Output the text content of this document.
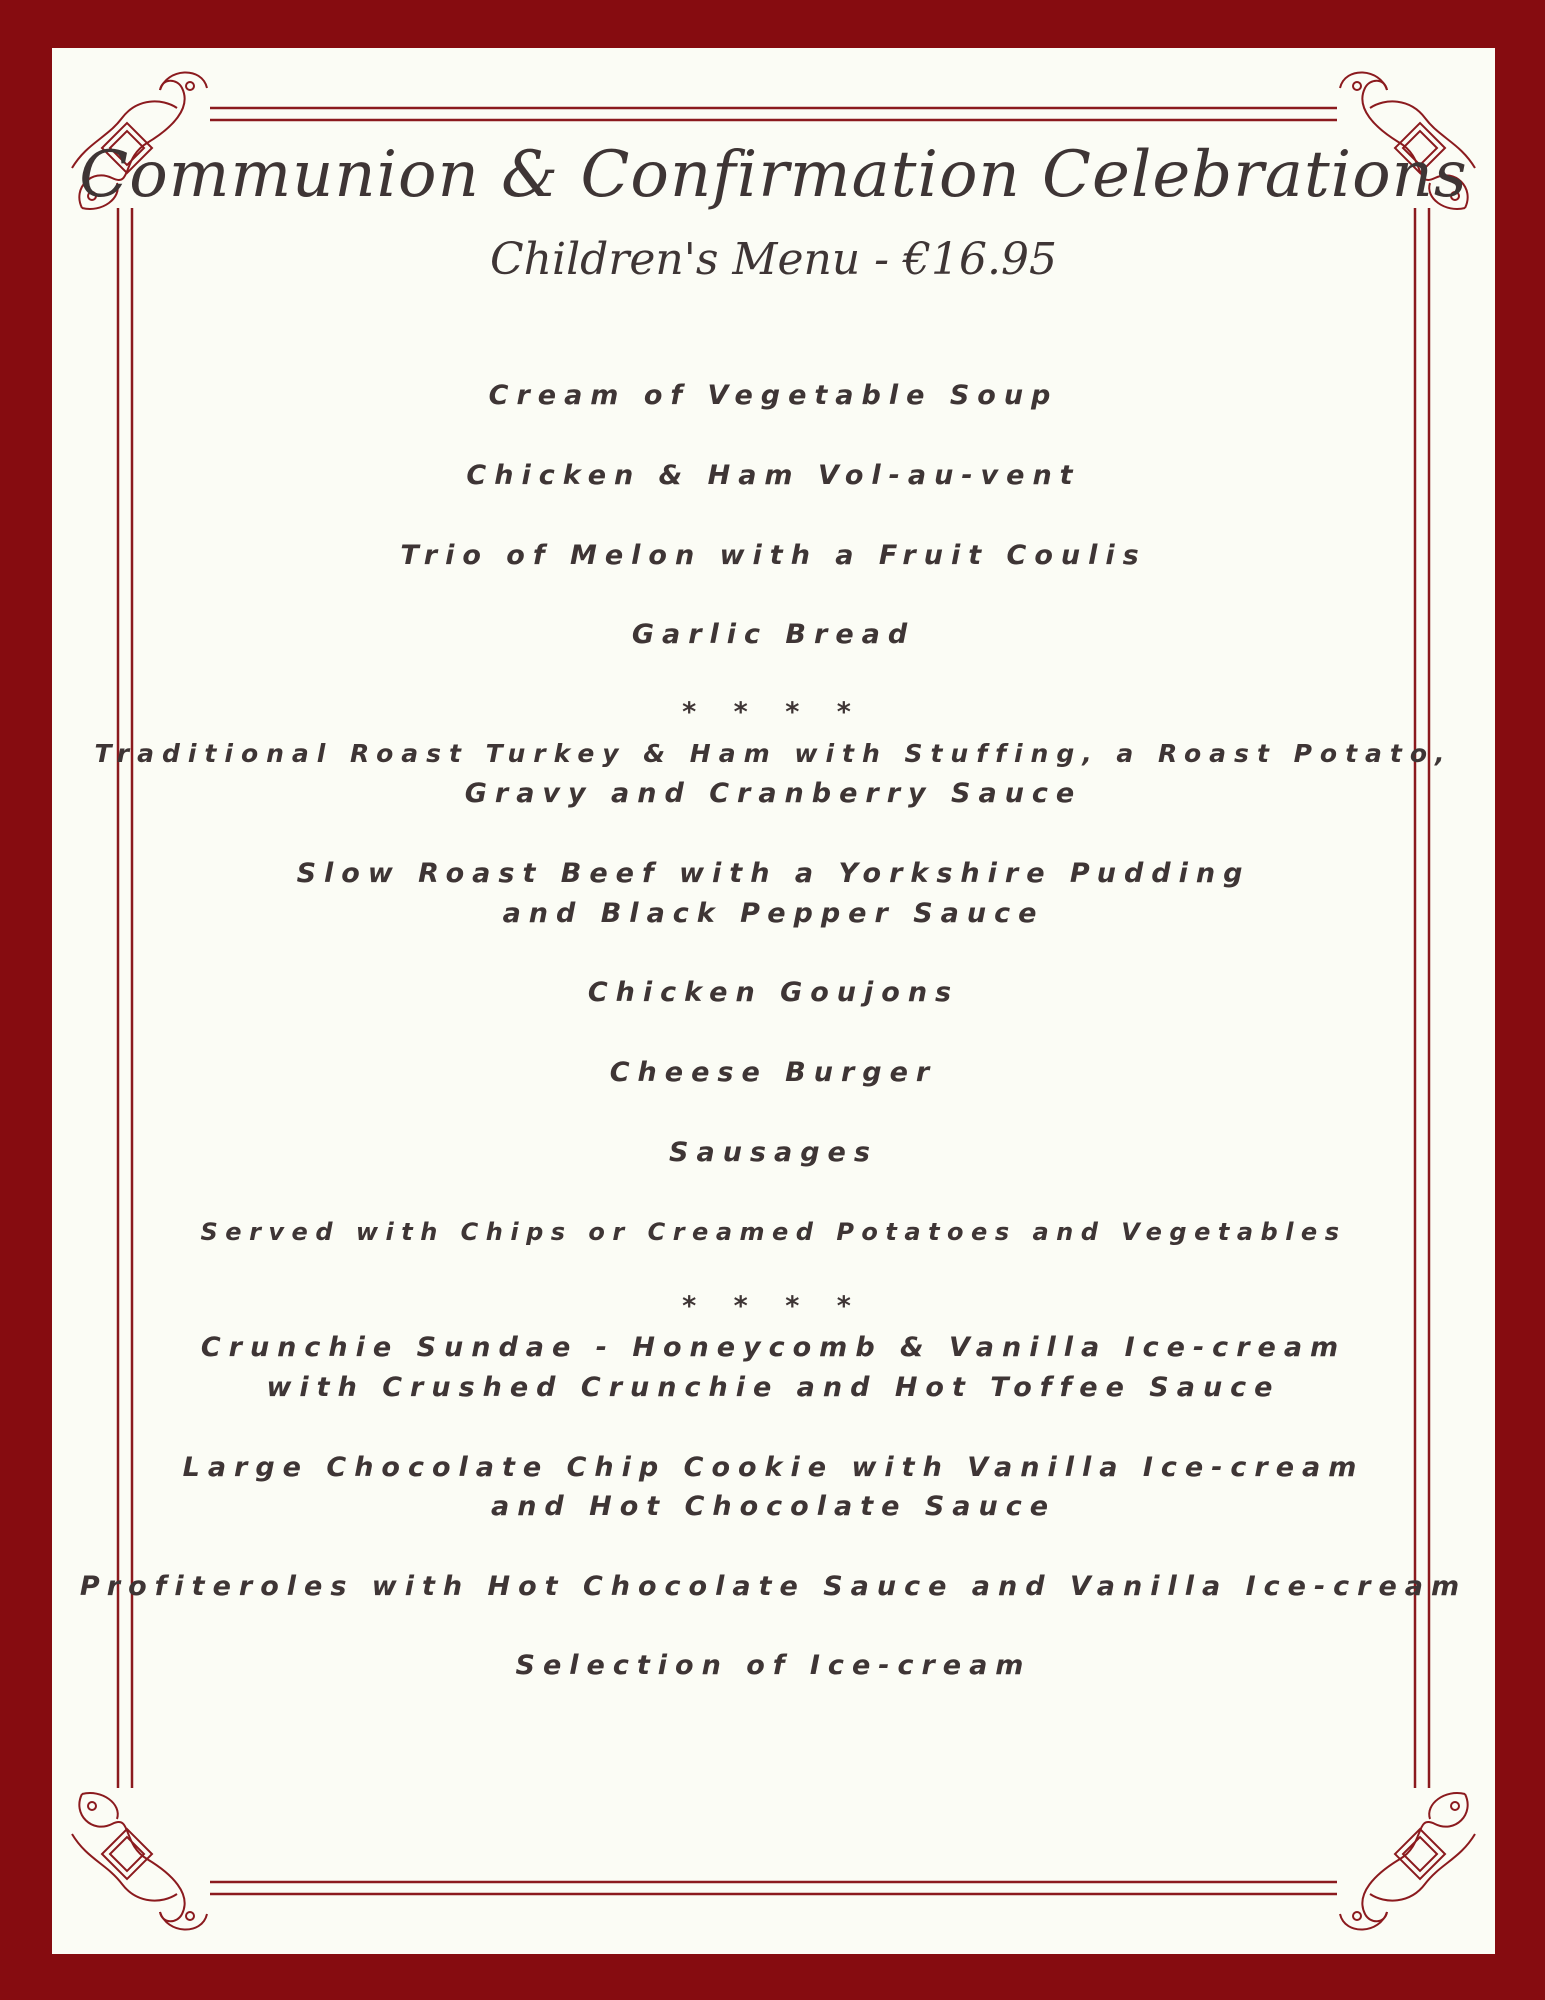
Communion & Confirmation Celebrations
Children's Menu - €16.95
Cream of Vegetable Soup
Chicken & Ham Vol-au-vent
Trio of Melon with a Fruit Coulis
Garlic Bread
* * * *
Traditional Roast Turkey & Ham with Stuffing, a Roast Potato,
Gravy and Cranberry Sauce
Slow Roast Beef with a Yorkshire Pudding
and Black Pepper Sauce
Chicken Goujons
Cheese Burger
Sausages
Served with Chips or Creamed Potatoes and Vegetables
* * * *
Crunchie Sundae - Honeycomb & Vanilla Ice-cream
with Crushed Crunchie and Hot Toffee Sauce
Large Chocolate Chip Cookie with Vanilla Ice-cream
and Hot Chocolate Sauce
Profiteroles with Hot Chocolate Sauce and Vanilla Ice-cream
Selection of Ice-cream
